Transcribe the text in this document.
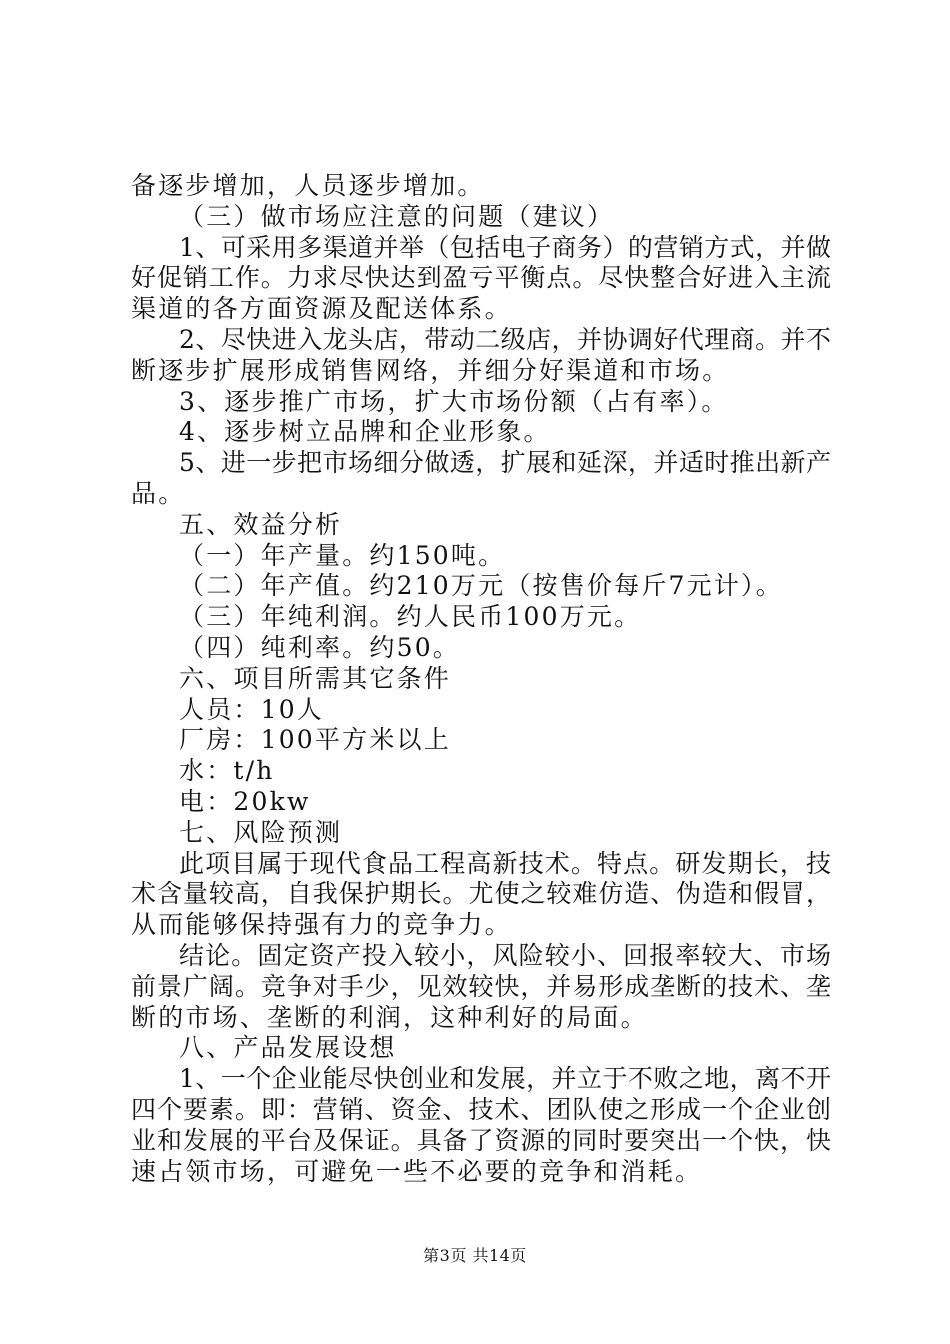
备逐步增加，人员逐步增加。
（三）做市场应注意的问题（建议）
1、可采用多渠道并举（包括电子商务）的营销方式，并做
好促销工作。力求尽快达到盈亏平衡点。尽快整合好进入主流
渠道的各方面资源及配送体系。
2、尽快进入龙头店，带动二级店，并协调好代理商。并不
断逐步扩展形成销售网络，并细分好渠道和市场。
3、逐步推广市场，扩大市场份额（占有率）。
4、逐步树立品牌和企业形象。
5、进一步把市场细分做透，扩展和延深，并适时推出新产
品。
五、效益分析
（一）年产量。约150吨。
（二）年产值。约210万元（按售价每斤7元计）。
（三）年纯利润。约人民币100万元。
（四）纯利率。约50。
六、项目所需其它条件
人员：10人
厂房：100平方米以上
水：t/h
电：20kw
七、风险预测
此项目属于现代食品工程高新技术。特点。研发期长，技
术含量较高，自我保护期长。尤使之较难仿造、伪造和假冒，
从而能够保持强有力的竞争力。
结论。固定资产投入较小，风险较小、回报率较大、市场
前景广阔。竞争对手少，见效较快，并易形成垄断的技术、垄
断的市场、垄断的利润，这种利好的局面。
八、产品发展设想
1、一个企业能尽快创业和发展，并立于不败之地，离不开
四个要素。即：营销、资金、技术、团队使之形成一个企业创
业和发展的平台及保证。具备了资源的同时要突出一个快，快
速占领市场，可避免一些不必要的竞争和消耗。
第3页 共14页
